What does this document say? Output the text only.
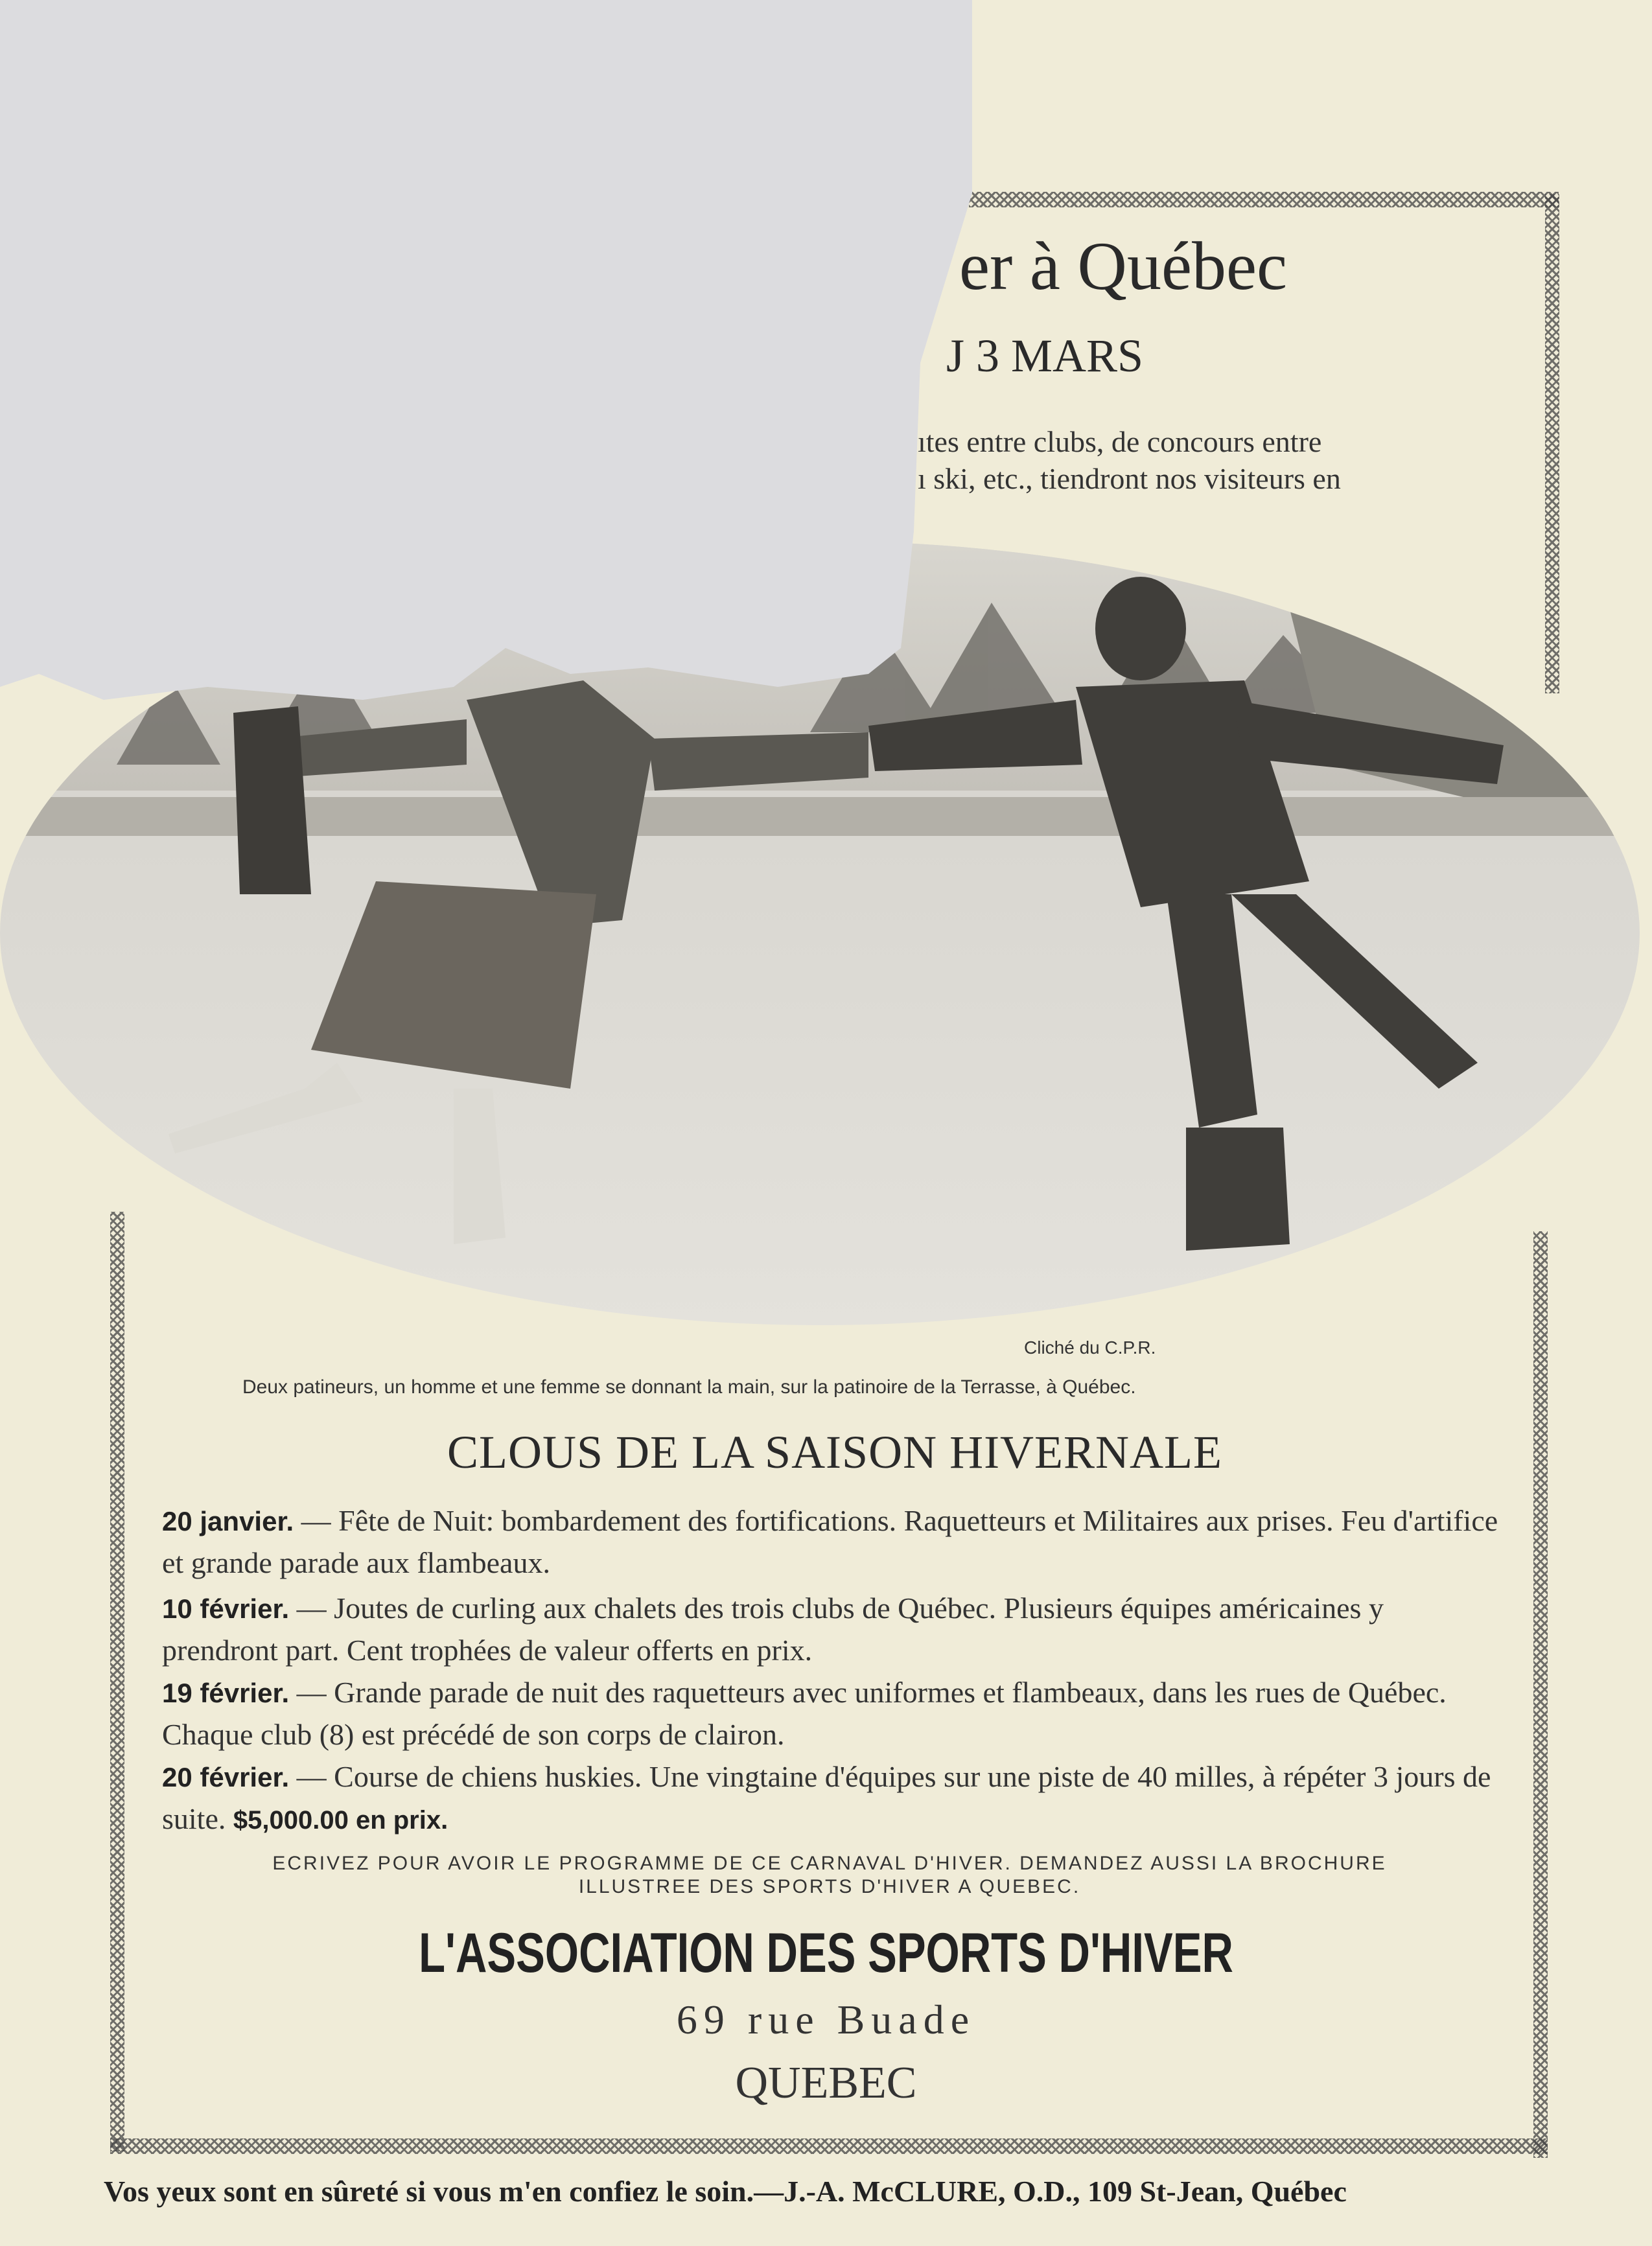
er à Québec
J 3 MARS
ıtes entre clubs, de concours entre
ı ski, etc., tiendront nos visiteurs en
Cliché du C.P.R.
Deux patineurs, un homme et une femme se donnant la main, sur la patinoire de la Terrasse, à Québec.
CLOUS DE LA SAISON HIVERNALE
20 janvier. — Fête de Nuit: bombardement des fortifications. Raquetteurs et Militaires aux prises. Feu d'artifice et grande parade aux flambeaux.
10 février. — Joutes de curling aux chalets des trois clubs de Québec. Plusieurs équipes américaines y prendront part. Cent trophées de valeur offerts en prix.
19 février. — Grande parade de nuit des raquetteurs avec uniformes et flambeaux, dans les rues de Québec. Chaque club (8) est précédé de son corps de clairon.
20 février. — Course de chiens huskies. Une vingtaine d'équipes sur une piste de 40 milles, à répéter 3 jours de suite. $5,000.00 en prix.
ECRIVEZ POUR AVOIR LE PROGRAMME DE CE CARNAVAL D'HIVER. DEMANDEZ AUSSI LA BROCHURE ILLUSTREE DES SPORTS D'HIVER A QUEBEC.
L'ASSOCIATION DES SPORTS D'HIVER
69 rue Buade
QUEBEC
Vos yeux sont en sûreté si vous m'en confiez le soin.—J.-A. McCLURE, O.D., 109 St-Jean, Québec
